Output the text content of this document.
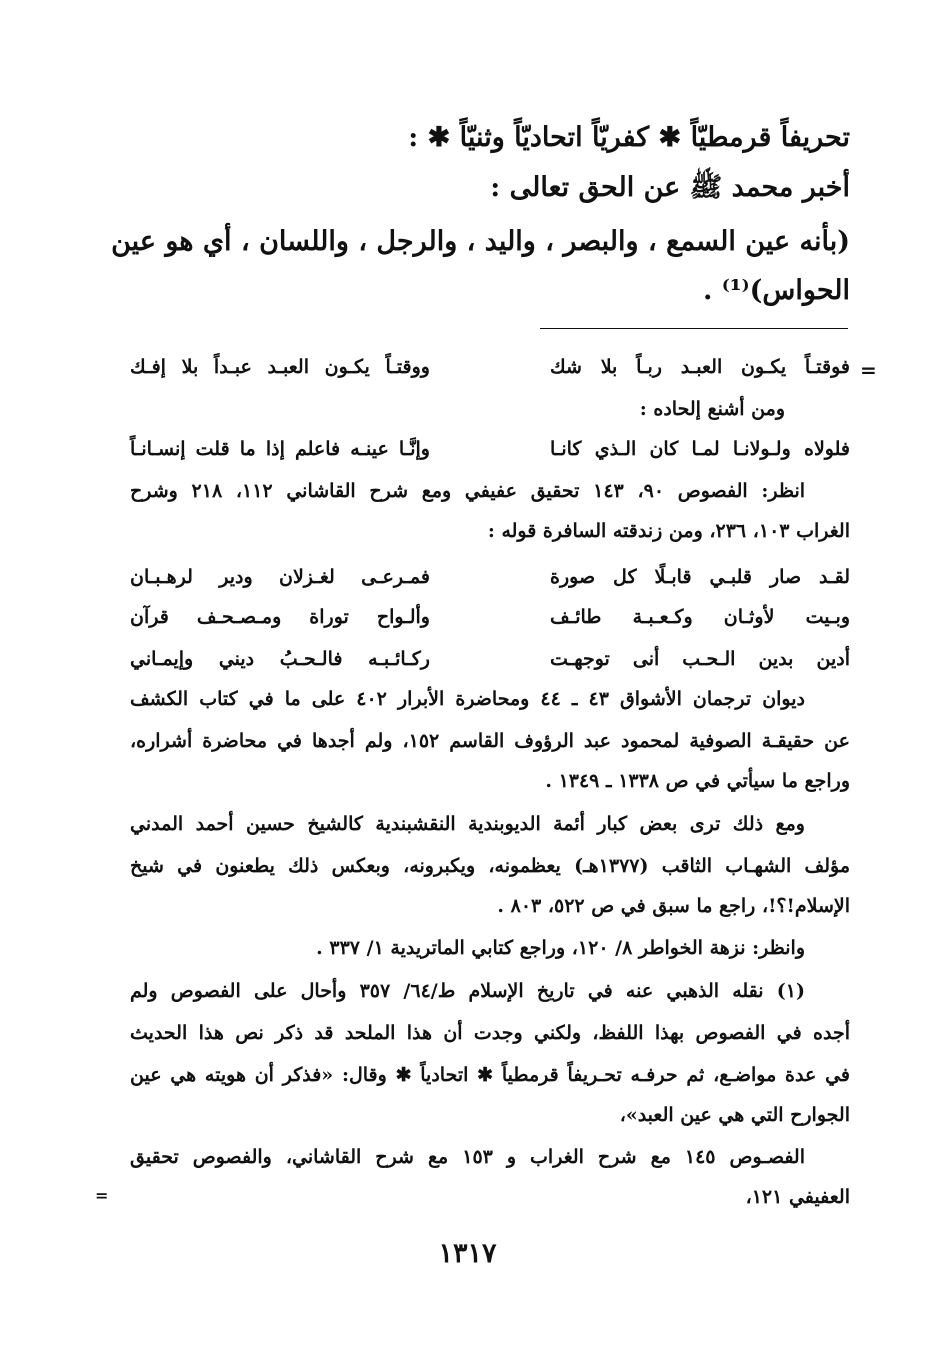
تحريفاً قرمطيّاً ✱ كفريّاً اتحاديّاً وثنيّاً ✱ :
أخبر محمد ﷺ عن الحق تعالى :
(بأنه عين السمع ، والبصر ، واليد ، والرجل ، واللسان ، أي هو عين
الحواس)⁽¹⁾ .
=
فوقتـاً يكـون العبـد ربـاً بلا شك
ووقتـاً يكـون العبـد عبـداً بلا إفـك
ومن أشنع إلحاده :
فلولاه ولـولانـا لمـا كان الـذي كانـا
وإنَّـا عينـه فاعلم إذا ما قلت إنسـانـاً
انظر: الفصوص ٩٠، ١٤٣ تحقيق عفيفي ومع شرح القاشاني ١١٢، ٢١٨ وشرح
الغراب ١٠٣، ٢٣٦، ومن زندقته السافرة قوله :
لقـد صار قلبـي قابـلًا كل صورة
فمـرعـى لغـزلان ودير لرهـبـان
وبـيت لأوثـان وكـعـبـة طائـف
وألـواح توراة ومـصـحـف قرآن
أدين بدين الـحـب أنى توجهـت
ركـائـبـه فالـحـبُ ديني وإيمـاني
ديوان ترجمان الأشواق ٤٣ ـ ٤٤ ومحاضرة الأبرار ٤٠٢ على ما في كتاب الكشف
عن حقيقـة الصوفية لمحمود عبد الرؤوف القاسم ١٥٢، ولم أجدها في محاضرة أشراره،
وراجع ما سيأتي في ص ١٣٣٨ ـ ١٣٤٩ .
ومع ذلك ترى بعض كبار أئمة الديوبندية النقشبندية كالشيخ حسين أحمد المدني
مؤلف الشهـاب الثاقب (١٣٧٧هـ) يعظمونه، ويكبرونه، وبعكس ذلك يطعنون في شيخ
الإسلام!؟!، راجع ما سبق في ص ٥٢٢، ٨٠٣ .
وانظر: نزهة الخواطر ٨/ ١٢٠، وراجع كتابي الماتريدية ١/ ٣٣٧ .
(١) نقله الذهبي عنه في تاريخ الإسلام ط/٦٤/ ٣٥٧ وأحال على الفصوص ولم
أجده في الفصوص بهذا اللفظ، ولكني وجدت أن هذا الملحد قد ذكر نص هذا الحديث
في عدة مواضـع، ثم حرفـه تحـريفاً قرمطياً ✱ اتحادياً ✱ وقال: «فذكر أن هويته هي عين
الجوارح التي هي عين العبد»،
الفصـوص ١٤٥ مع شرح الغراب و ١٥٣ مع شرح القاشاني، والفصوص تحقيق
العفيفي ١٢١،
=
١٣١٧
